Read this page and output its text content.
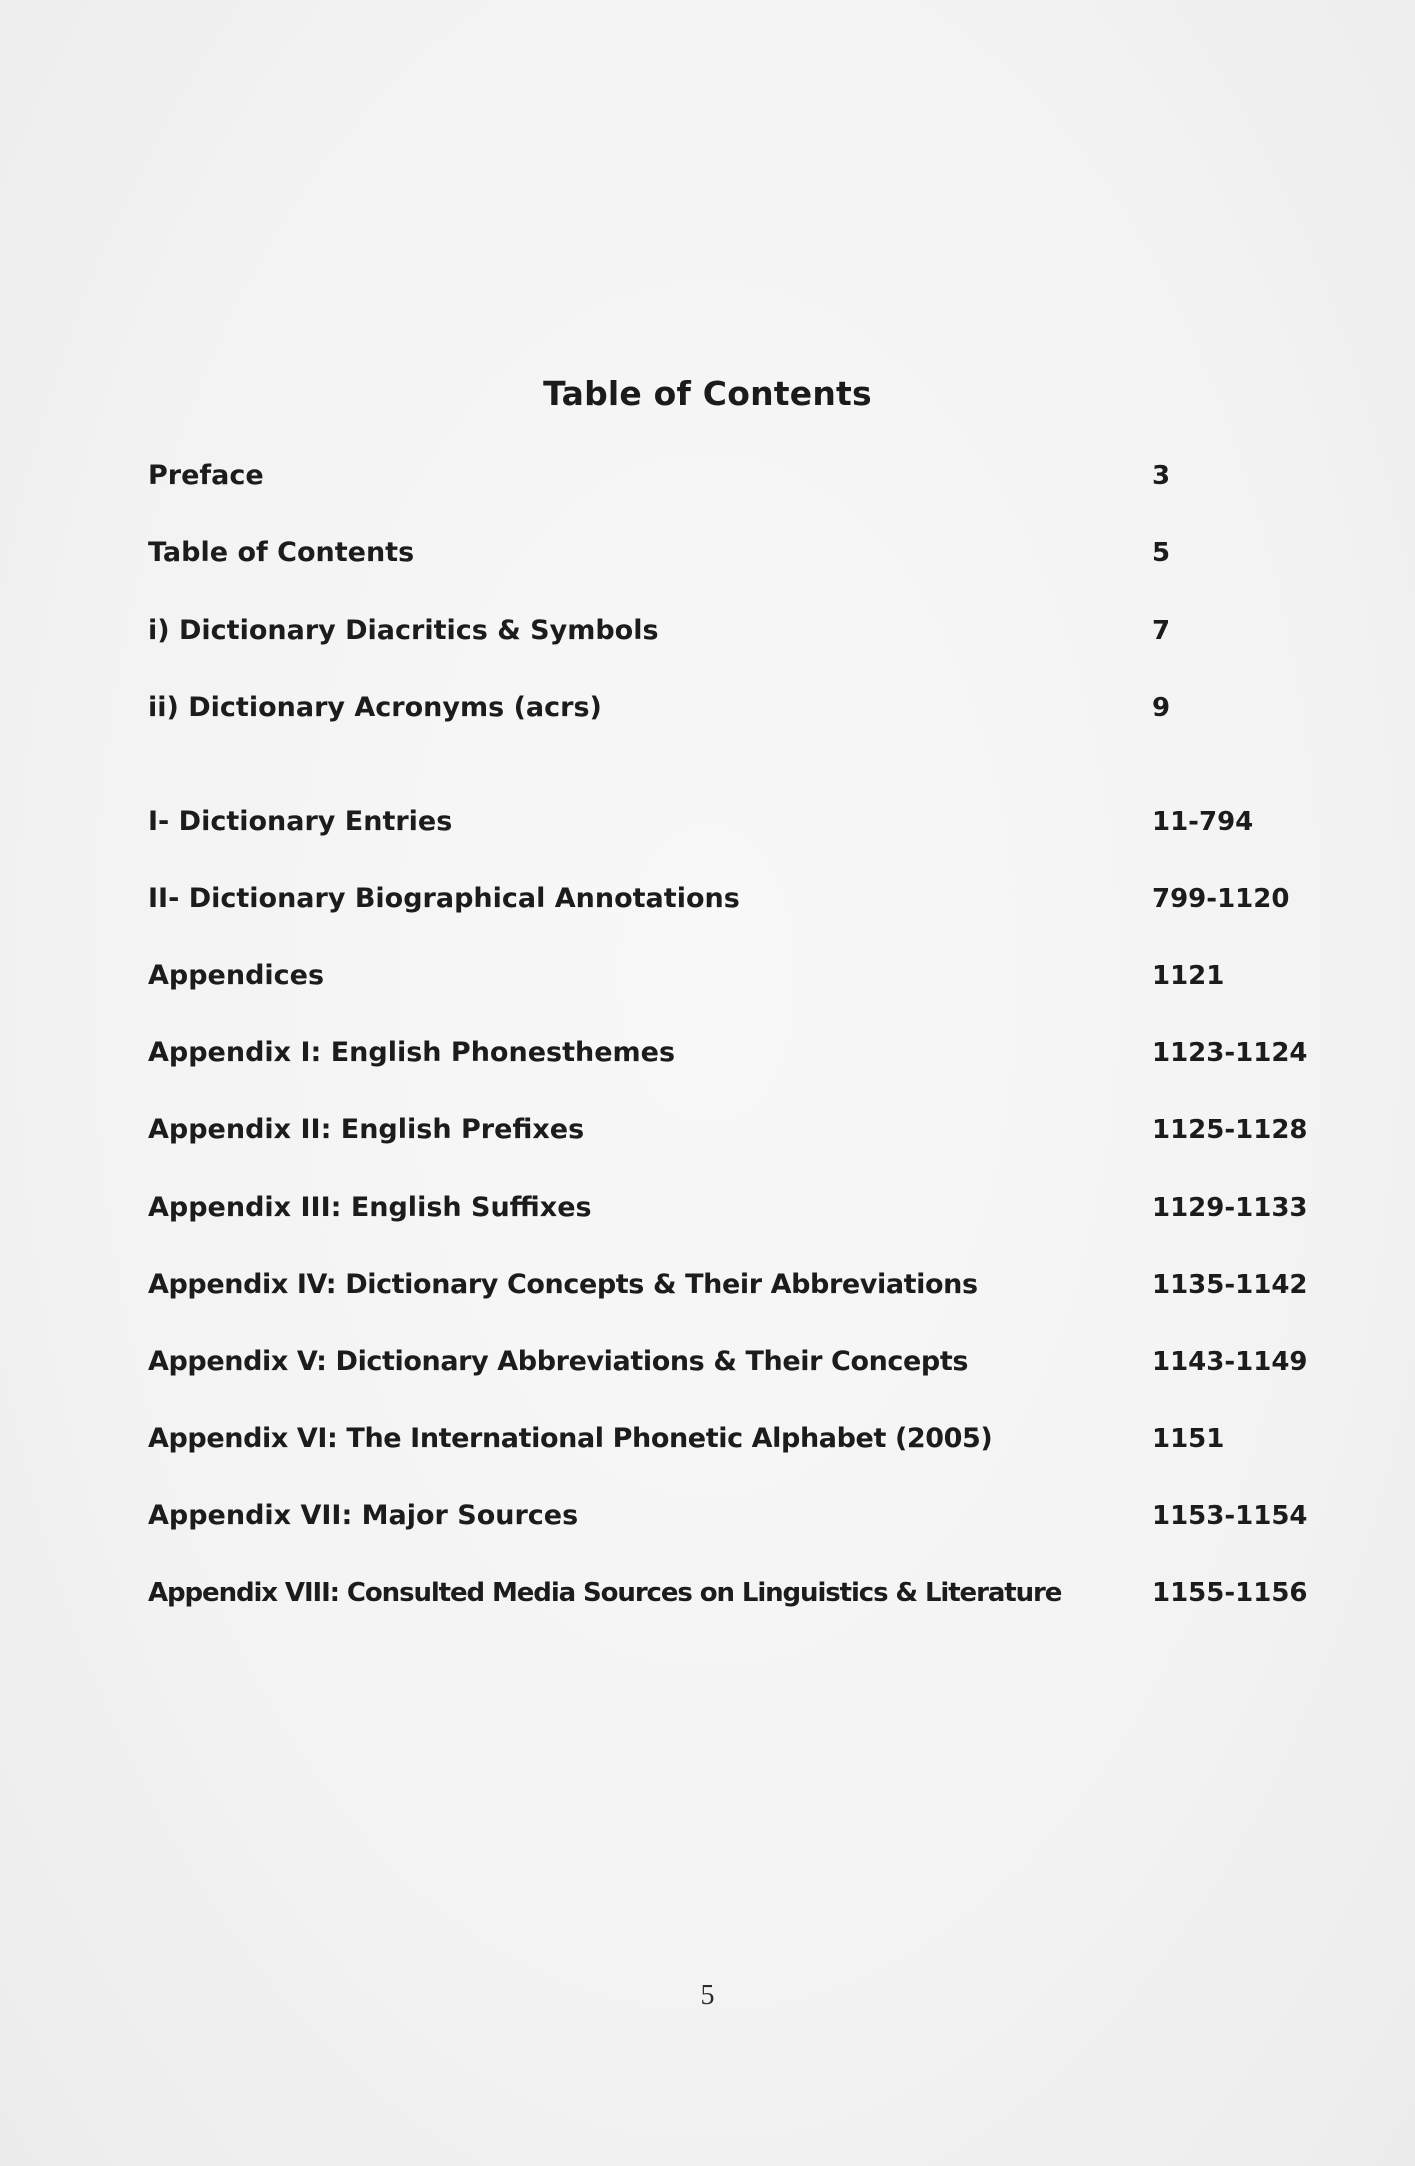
Table of Contents
Preface	3
Table of Contents	5
i) Dictionary Diacritics & Symbols	7
ii) Dictionary Acronyms (acrs)	9
I- Dictionary Entries	11-794
II- Dictionary Biographical Annotations	799-1120
Appendices	1121
Appendix I: English Phonesthemes	1123-1124
Appendix II: English Prefixes	1125-1128
Appendix III: English Suffixes	1129-1133
Appendix IV: Dictionary Concepts & Their Abbreviations	1135-1142
Appendix V: Dictionary Abbreviations & Their Concepts	1143-1149
Appendix VI: The International Phonetic Alphabet (2005)	1151
Appendix VII: Major Sources	1153-1154
Appendix VIII: Consulted Media Sources on Linguistics & Literature	1155-1156
5
